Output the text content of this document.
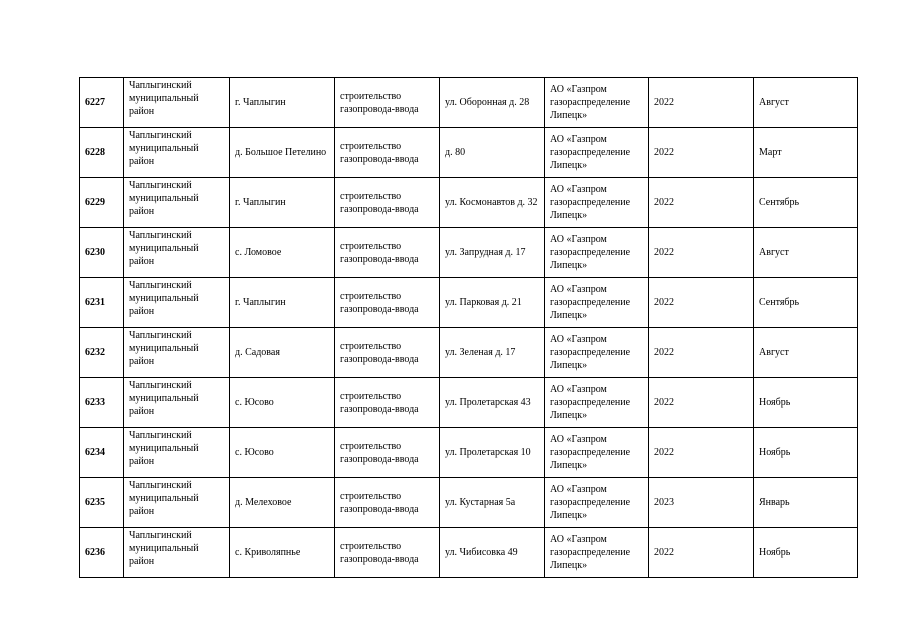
6227	Чаплыгинский муниципальный район	г. Чаплыгин	строительство газопровода-ввода	ул. Оборонная д. 28	АО «Газпром газораспределение Липецк»	2022	Август
6228	Чаплыгинский муниципальный район	д. Большое Петелино	строительство газопровода-ввода	д. 80	АО «Газпром газораспределение Липецк»	2022	Март
6229	Чаплыгинский муниципальный район	г. Чаплыгин	строительство газопровода-ввода	ул. Космонавтов д. 32	АО «Газпром газораспределение Липецк»	2022	Сентябрь
6230	Чаплыгинский муниципальный район	с. Ломовое	строительство газопровода-ввода	ул. Запрудная д. 17	АО «Газпром газораспределение Липецк»	2022	Август
6231	Чаплыгинский муниципальный район	г. Чаплыгин	строительство газопровода-ввода	ул. Парковая д. 21	АО «Газпром газораспределение Липецк»	2022	Сентябрь
6232	Чаплыгинский муниципальный район	д. Садовая	строительство газопровода-ввода	ул. Зеленая д. 17	АО «Газпром газораспределение Липецк»	2022	Август
6233	Чаплыгинский муниципальный район	с. Юсово	строительство газопровода-ввода	ул. Пролетарская 43	АО «Газпром газораспределение Липецк»	2022	Ноябрь
6234	Чаплыгинский муниципальный район	с. Юсово	строительство газопровода-ввода	ул. Пролетарская 10	АО «Газпром газораспределение Липецк»	2022	Ноябрь
6235	Чаплыгинский муниципальный район	д. Мелеховое	строительство газопровода-ввода	ул. Кустарная 5а	АО «Газпром газораспределение Липецк»	2023	Январь
6236	Чаплыгинский муниципальный район	с. Криволяпнье	строительство газопровода-ввода	ул. Чибисовка 49	АО «Газпром газораспределение Липецк»	2022	Ноябрь
